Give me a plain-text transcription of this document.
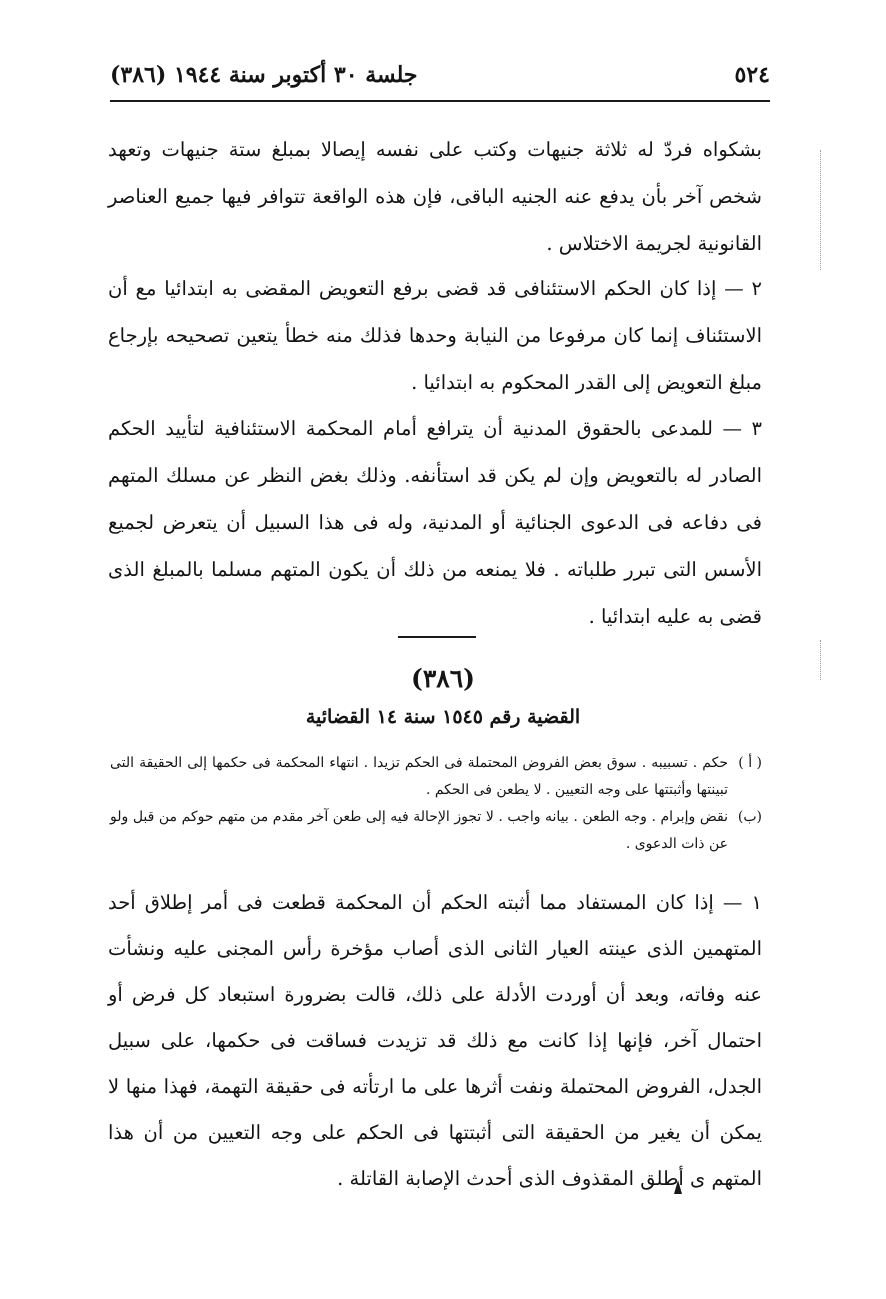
٥٢٤
جلسة ٣٠ أكتوبر سنة ١٩٤٤ (٣٨٦)

بشكواه فردّ له ثلاثة جنيهات وكتب على نفسه إيصالا بمبلغ ستة جنيهات وتعهد شخص آخر بأن يدفع عنه الجنيه الباقى، فإن هذه الواقعة تتوافر فيها جميع العناصر القانونية لجريمة الاختلاس .

٢ — إذا كان الحكم الاستئنافى قد قضى برفع التعويض المقضى به ابتدائيا مع أن الاستئناف إنما كان مرفوعا من النيابة وحدها فذلك منه خطأ يتعين تصحيحه بإرجاع مبلغ التعويض إلى القدر المحكوم به ابتدائيا .

٣ — للمدعى بالحقوق المدنية أن يترافع أمام المحكمة الاستئنافية لتأييد الحكم الصادر له بالتعويض وإن لم يكن قد استأنفه. وذلك بغض النظر عن مسلك المتهم فى دفاعه فى الدعوى الجنائية أو المدنية، وله فى هذا السبيل أن يتعرض لجميع الأسس التى تبرر طلباته . فلا يمنعه من ذلك أن يكون المتهم مسلما بالمبلغ الذى قضى به عليه ابتدائيا .

(٣٨٦)
القضية رقم ١٥٤٥ سنة ١٤ القضائية

( أ )
حكم . تسبيبه . سوق بعض الفروض المحتملة فى الحكم تزيدا . انتهاء المحكمة فى حكمها إلى الحقيقة التى تبينتها وأثبتتها على وجه التعيين . لا يطعن فى الحكم .

(ب)
نقض وإبرام . وجه الطعن . بيانه واجب . لا تجوز الإحالة فيه إلى طعن آخر مقدم من متهم حوكم من قبل ولو عن ذات الدعوى .

١ — إذا كان المستفاد مما أثبته الحكم أن المحكمة قطعت فى أمر إطلاق أحد المتهمين الذى عينته العيار الثانى الذى أصاب مؤخرة رأس المجنى عليه ونشأت عنه وفاته، وبعد أن أوردت الأدلة على ذلك، قالت بضرورة استبعاد كل فرض أو احتمال آخر، فإنها إذا كانت مع ذلك قد تزيدت فساقت فى حكمها، على سبيل الجدل، الفروض المحتملة ونفت أثرها على ما ارتأته فى حقيقة التهمة، فهذا منها لا يمكن أن يغير من الحقيقة التى أثبتتها فى الحكم على وجه التعيين من أن هذا المتهم ى أطلق المقذوف الذى أحدث الإصابة القاتلة .
